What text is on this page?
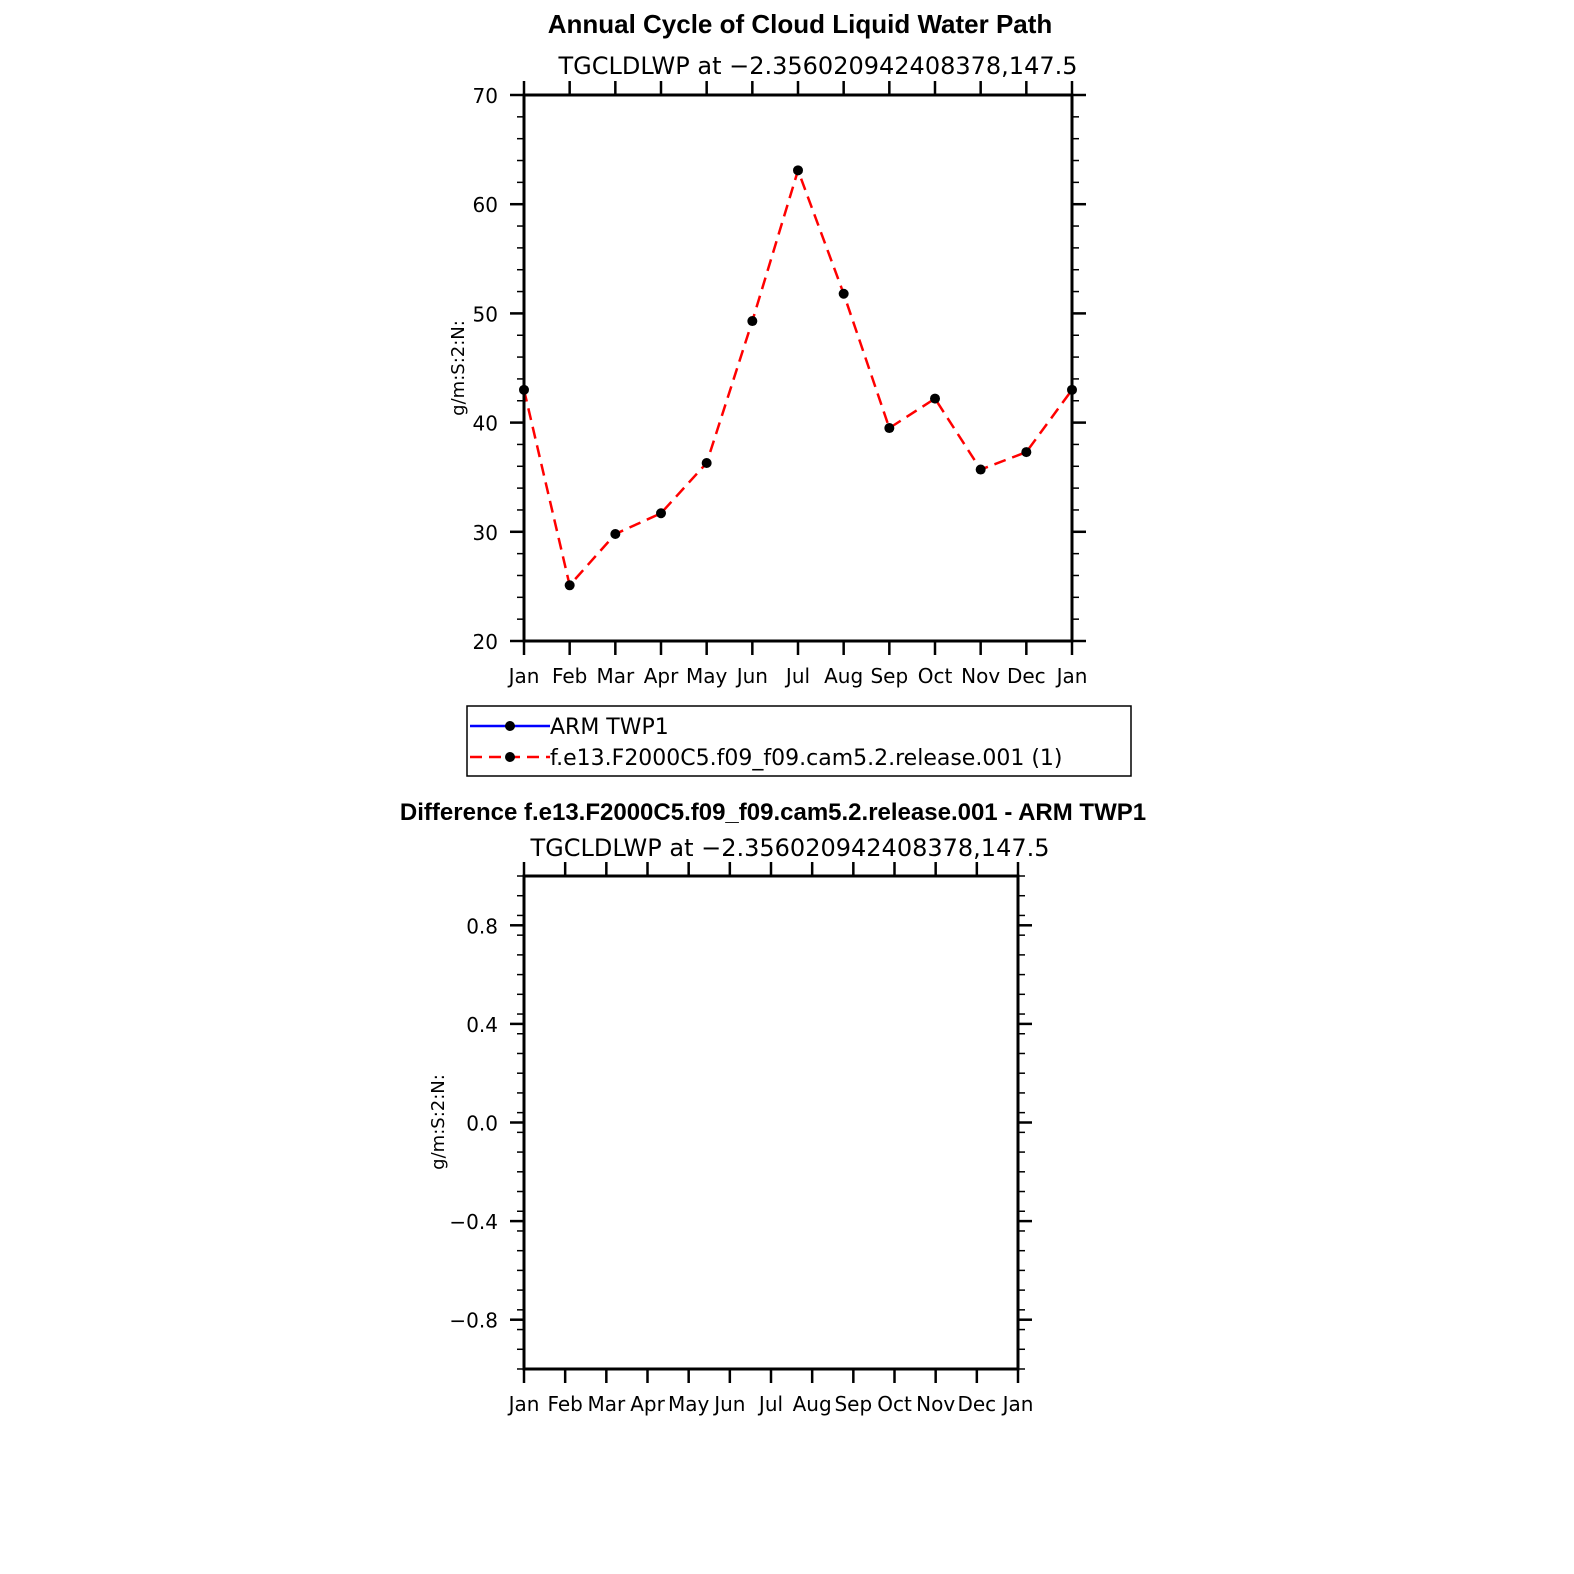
Annual Cycle of Cloud Liquid Water Path
TGCLDLWP at −2.356020942408378,147.5
g/m:S:2:N:
Jan Feb Mar Apr May Jun Jul Aug Sep Oct Nov Dec Jan
20
30
40
50
60
70
ARM TWP1
f.e13.F2000C5.f09_f09.cam5.2.release.001 (1)
Difference f.e13.F2000C5.f09_f09.cam5.2.release.001 - ARM TWP1
TGCLDLWP at −2.356020942408378,147.5
g/m:S:2:N:
Jan Feb Mar Apr May Jun Jul Aug Sep Oct Nov Dec Jan
−0.8
−0.4
0.0
0.4
0.8
